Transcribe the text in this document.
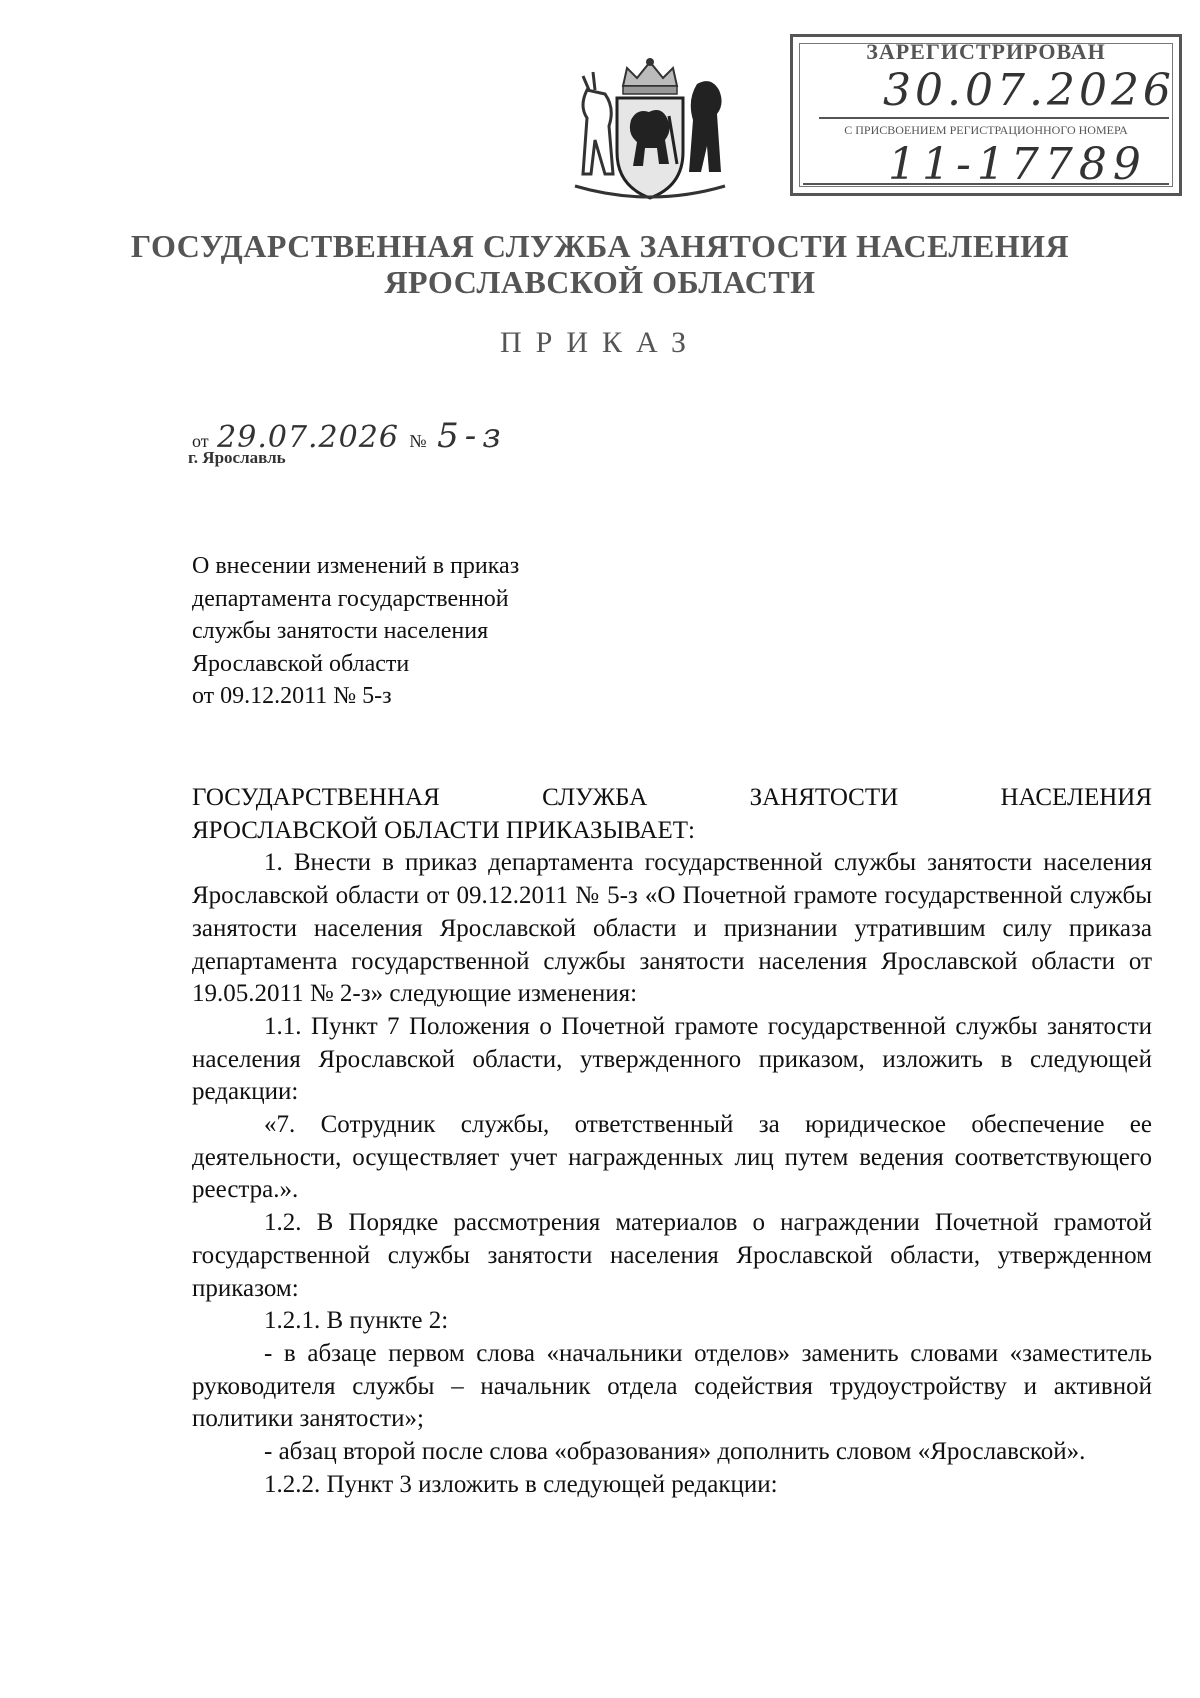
ЗАРЕГИСТРИРОВАН
30.07.2026
С ПРИСВОЕНИЕМ РЕГИСТРАЦИОННОГО НОМЕРА
11-17789
ГОСУДАРСТВЕННАЯ СЛУЖБА ЗАНЯТОСТИ НАСЕЛЕНИЯ
ЯРОСЛАВСКОЙ ОБЛАСТИ
ПРИКАЗ
от 29.07.2026 № 5-з
г. Ярославль
О внесении изменений в приказ
департамента государственной
службы занятости населения
Ярославской области
от 09.12.2011 № 5-з

ГОСУДАРСТВЕННАЯ СЛУЖБА ЗАНЯТОСТИ НАСЕЛЕНИЯ

ЯРОСЛАВСКОЙ ОБЛАСТИ ПРИКАЗЫВАЕТ:

1. Внести в приказ департамента государственной службы занятости населения Ярославской области от 09.12.2011 № 5-з «О Почетной грамоте государственной службы занятости населения Ярославской области и признании утратившим силу приказа департамента государственной службы занятости населения Ярославской области от 19.05.2011 № 2-з» следующие изменения:

1.1. Пункт 7 Положения о Почетной грамоте государственной службы занятости населения Ярославской области, утвержденного приказом, изложить в следующей редакции:

«7. Сотрудник службы, ответственный за юридическое обеспечение ее деятельности, осуществляет учет награжденных лиц путем ведения соответствующего реестра.».

1.2. В Порядке рассмотрения материалов о награждении Почетной грамотой государственной службы занятости населения Ярославской области, утвержденном приказом:

1.2.1. В пункте 2:

- в абзаце первом слова «начальники отделов» заменить словами «заместитель руководителя службы – начальник отдела содействия трудоустройству и активной политики занятости»;

- абзац второй после слова «образования» дополнить словом «Ярославской».

1.2.2. Пункт 3 изложить в следующей редакции:
